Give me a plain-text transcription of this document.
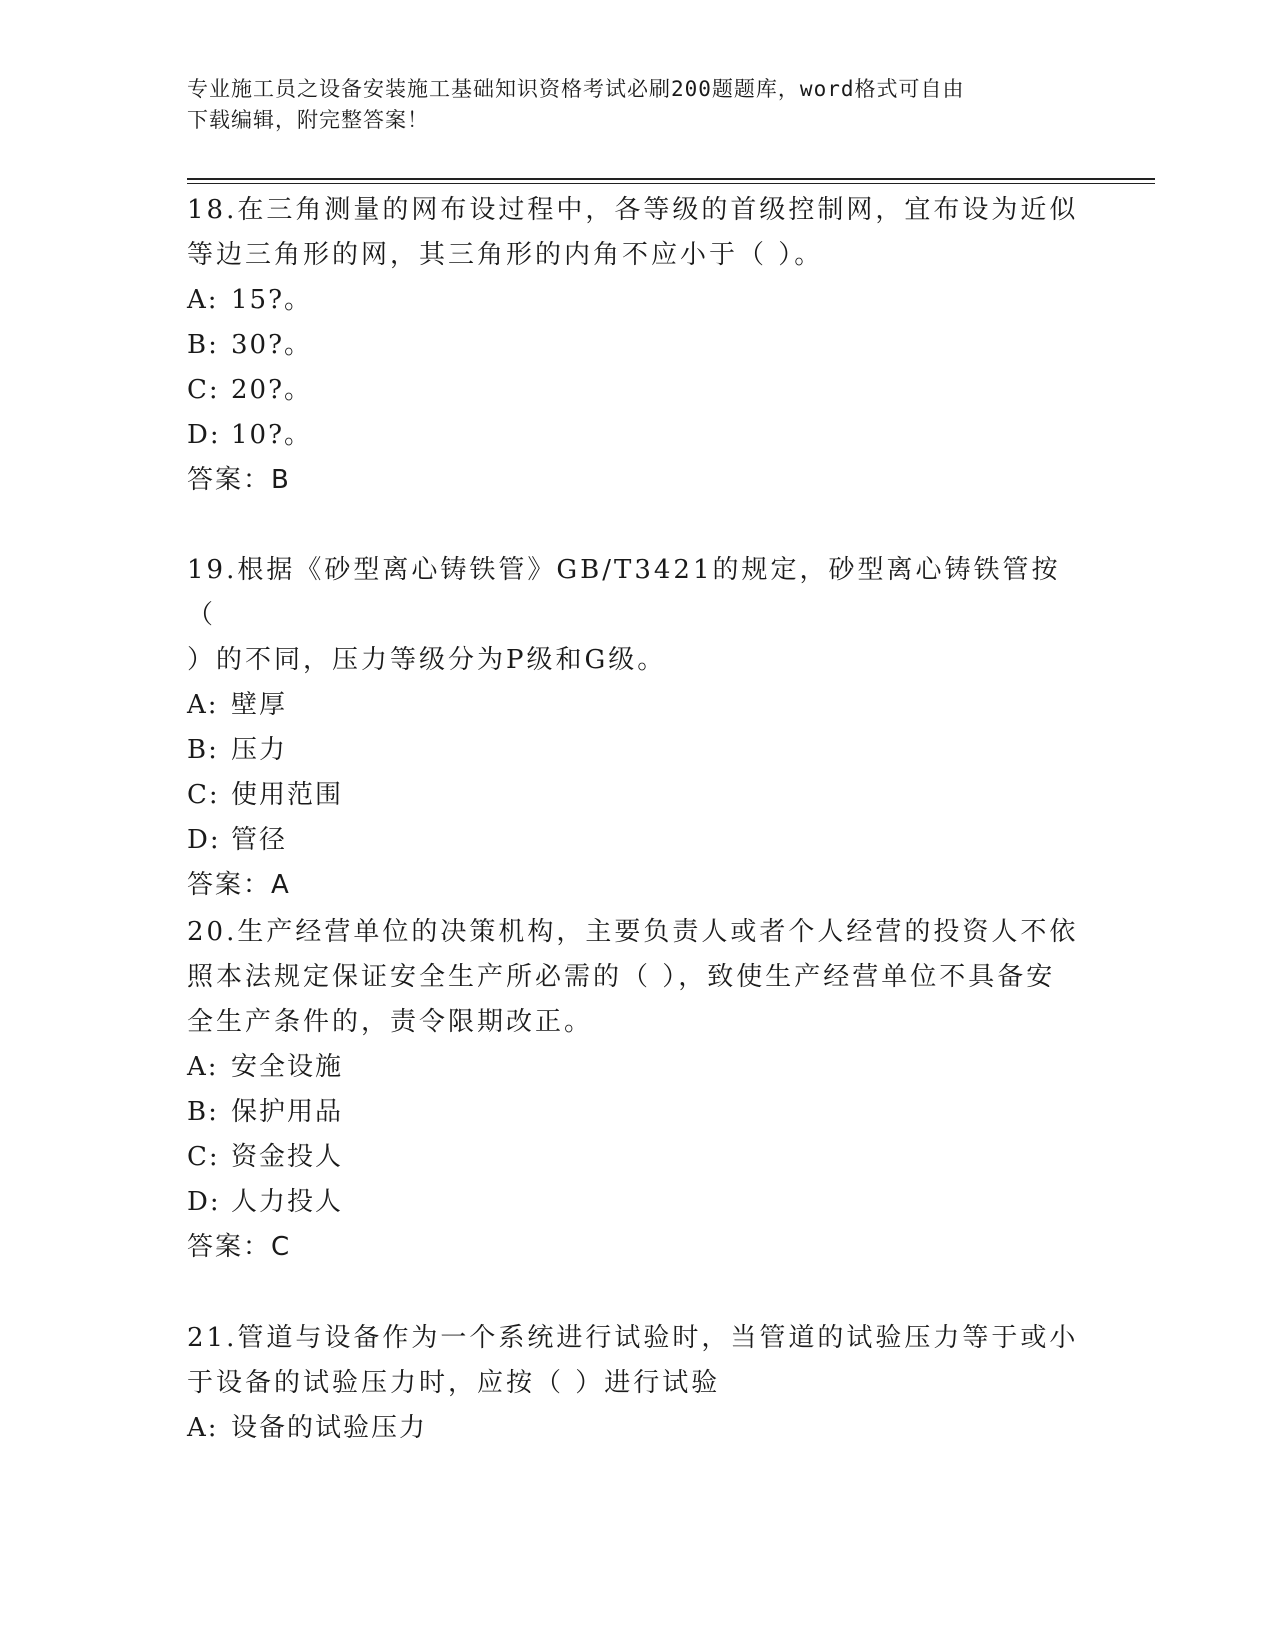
专业施工员之设备安装施工基础知识资格考试必刷200题题库，word格式可自由
下载编辑，附完整答案！

18.在三角测量的网布设过程中，各等级的首级控制网，宜布设为近似

等边三角形的网，其三角形的内角不应小于（ ）。

A: 15?。

B: 30?。

C: 20?。

D: 10?。

答案：B

19.根据《砂型离心铸铁管》GB/T3421的规定，砂型离心铸铁管按（

）的不同，压力等级分为P级和G级。

A: 壁厚

B: 压力

C: 使用范围

D: 管径

答案：A

20.生产经营单位的决策机构，主要负责人或者个人经营的投资人不依

照本法规定保证安全生产所必需的（ ），致使生产经营单位不具备安

全生产条件的，责令限期改正。

A: 安全设施

B: 保护用品

C: 资金投人

D: 人力投人

答案：C

21.管道与设备作为一个系统进行试验时，当管道的试验压力等于或小

于设备的试验压力时，应按（ ）进行试验

A: 设备的试验压力
